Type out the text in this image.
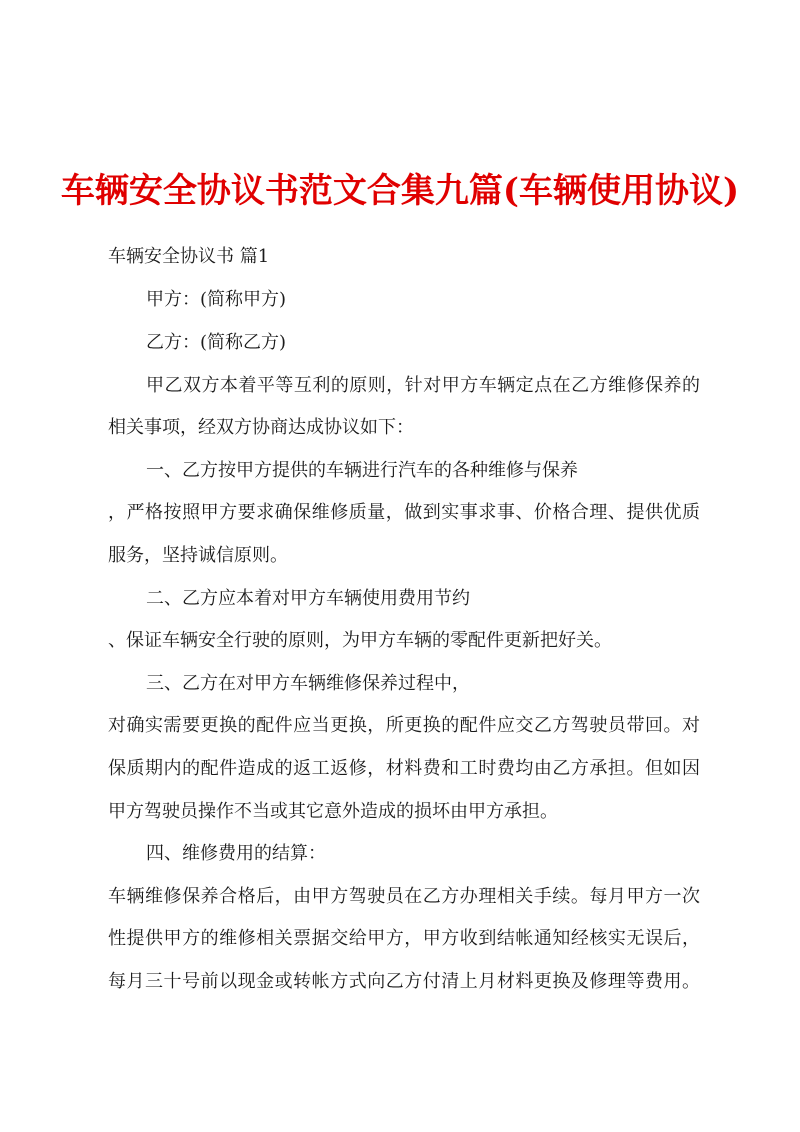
车辆安全协议书范文合集九篇(车辆使用协议)
车辆安全协议书 篇1
甲方：(简称甲方)
乙方：(简称乙方)
甲乙双方本着平等互利的原则，针对甲方车辆定点在乙方维修保养的
相关事项，经双方协商达成协议如下：
一、乙方按甲方提供的车辆进行汽车的各种维修与保养
，严格按照甲方要求确保维修质量，做到实事求事、价格合理、提供优质
服务，坚持诚信原则。
二、乙方应本着对甲方车辆使用费用节约
、保证车辆安全行驶的原则，为甲方车辆的零配件更新把好关。
三、乙方在对甲方车辆维修保养过程中，
对确实需要更换的配件应当更换，所更换的配件应交乙方驾驶员带回。对
保质期内的配件造成的返工返修，材料费和工时费均由乙方承担。但如因
甲方驾驶员操作不当或其它意外造成的损坏由甲方承担。
四、维修费用的结算：
车辆维修保养合格后，由甲方驾驶员在乙方办理相关手续。每月甲方一次
性提供甲方的维修相关票据交给甲方，甲方收到结帐通知经核实无误后，
每月三十号前以现金或转帐方式向乙方付清上月材料更换及修理等费用。
